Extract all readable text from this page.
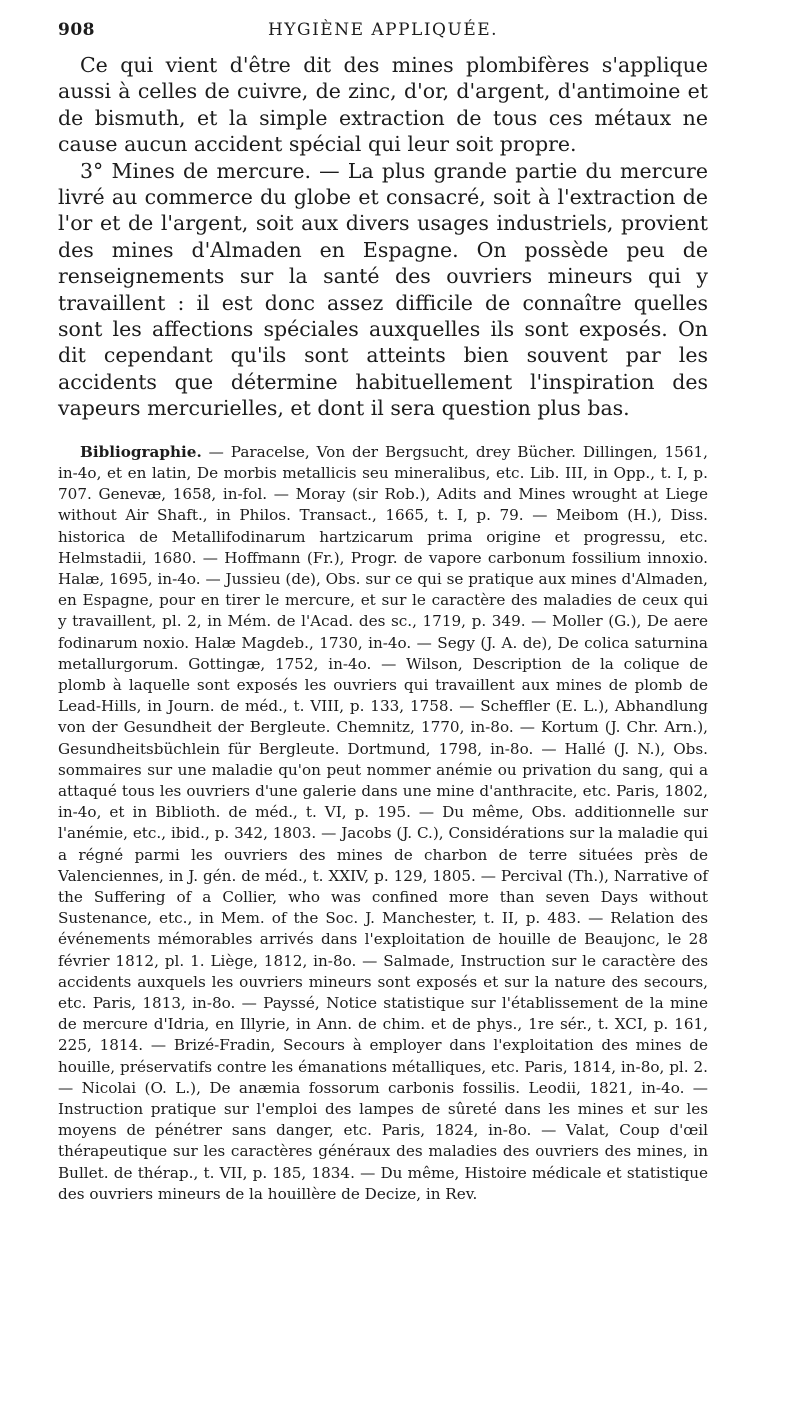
908	HYGIÈNE APPLIQUÉE.

Ce qui vient d'être dit des mines plombifères s'applique aussi à celles de cuivre, de zinc, d'or, d'argent, d'antimoine et de bismuth, et la simple extraction de tous ces métaux ne cause aucun accident spécial qui leur soit propre.

3° Mines de mercure. — La plus grande partie du mercure livré au commerce du globe et consacré, soit à l'extraction de l'or et de l'argent, soit aux divers usages industriels, provient des mines d'Almaden en Espagne. On possède peu de renseignements sur la santé des ouvriers mineurs qui y travaillent : il est donc assez difficile de connaître quelles sont les affections spéciales auxquelles ils sont exposés. On dit cependant qu'ils sont atteints bien souvent par les accidents que détermine habituellement l'inspiration des vapeurs mercurielles, et dont il sera question plus bas.

Bibliographie. — Paracelse, Von der Bergsucht, drey Bücher. Dillingen, 1561, in-4o, et en latin, De morbis metallicis seu mineralibus, etc. Lib. III, in Opp., t. I, p. 707. Genevæ, 1658, in-fol. — Moray (sir Rob.), Adits and Mines wrought at Liege without Air Shaft., in Philos. Transact., 1665, t. I, p. 79. — Meibom (H.), Diss. historica de Metallifodinarum hartzicarum prima origine et progressu, etc. Helmstadii, 1680. — Hoffmann (Fr.), Progr. de vapore carbonum fossilium innoxio. Halæ, 1695, in-4o. — Jussieu (de), Obs. sur ce qui se pratique aux mines d'Almaden, en Espagne, pour en tirer le mercure, et sur le caractère des maladies de ceux qui y travaillent, pl. 2, in Mém. de l'Acad. des sc., 1719, p. 349. — Moller (G.), De aere fodinarum noxio. Halæ Magdeb., 1730, in-4o. — Segy (J. A. de), De colica saturnina metallurgorum. Gottingæ, 1752, in-4o. — Wilson, Description de la colique de plomb à laquelle sont exposés les ouvriers qui travaillent aux mines de plomb de Lead-Hills, in Journ. de méd., t. VIII, p. 133, 1758. — Scheffler (E. L.), Abhandlung von der Gesundheit der Bergleute. Chemnitz, 1770, in-8o. — Kortum (J. Chr. Arn.), Gesundheitsbüchlein für Bergleute. Dortmund, 1798, in-8o. — Hallé (J. N.), Obs. sommaires sur une maladie qu'on peut nommer anémie ou privation du sang, qui a attaqué tous les ouvriers d'une galerie dans une mine d'anthracite, etc. Paris, 1802, in-4o, et in Biblioth. de méd., t. VI, p. 195. — Du même, Obs. additionnelle sur l'anémie, etc., ibid., p. 342, 1803. — Jacobs (J. C.), Considérations sur la maladie qui a régné parmi les ouvriers des mines de charbon de terre situées près de Valenciennes, in J. gén. de méd., t. XXIV, p. 129, 1805. — Percival (Th.), Narrative of the Suffering of a Collier, who was confined more than seven Days without Sustenance, etc., in Mem. of the Soc. J. Manchester, t. II, p. 483. — Relation des événements mémorables arrivés dans l'exploitation de houille de Beaujonc, le 28 février 1812, pl. 1. Liège, 1812, in-8o. — Salmade, Instruction sur le caractère des accidents auxquels les ouvriers mineurs sont exposés et sur la nature des secours, etc. Paris, 1813, in-8o. — Payssé, Notice statistique sur l'établissement de la mine de mercure d'Idria, en Illyrie, in Ann. de chim. et de phys., 1re sér., t. XCI, p. 161, 225, 1814. — Brizé-Fradin, Secours à employer dans l'exploitation des mines de houille, préservatifs contre les émanations métalliques, etc. Paris, 1814, in-8o, pl. 2. — Nicolai (O. L.), De anæmia fossorum carbonis fossilis. Leodii, 1821, in-4o. — Instruction pratique sur l'emploi des lampes de sûreté dans les mines et sur les moyens de pénétrer sans danger, etc. Paris, 1824, in-8o. — Valat, Coup d'œil thérapeutique sur les caractères généraux des maladies des ouvriers des mines, in Bullet. de thérap., t. VII, p. 185, 1834. — Du même, Histoire médicale et statistique des ouvriers mineurs de la houillère de Decize, in Rev.
